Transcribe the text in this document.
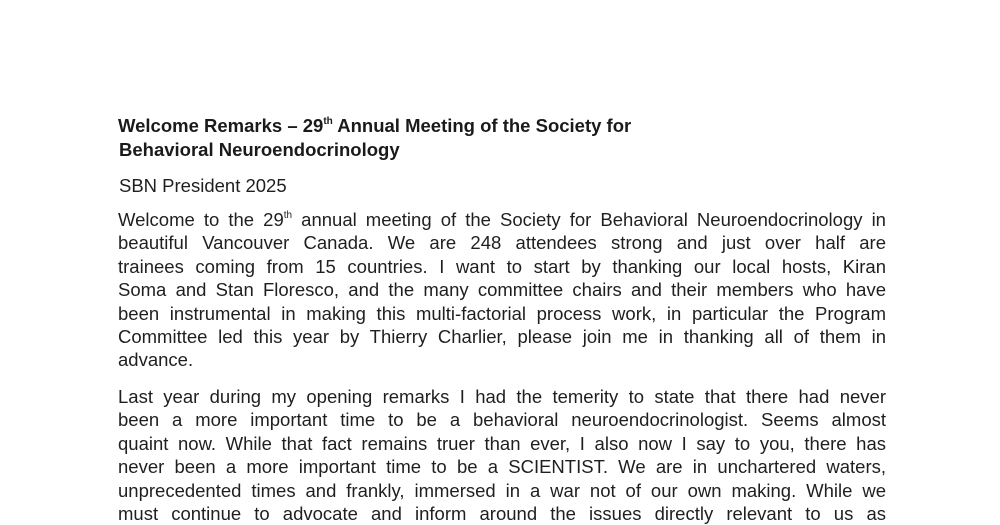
Welcome Remarks – 29th Annual Meeting of the Society for
Behavioral Neuroendocrinology
SBN President 2025
Welcome to the 29th annual meeting of the Society for Behavioral Neuroendocrinology in
beautiful Vancouver Canada. We are 248 attendees strong and just over half are
trainees coming from 15 countries. I want to start by thanking our local hosts, Kiran
Soma and Stan Floresco, and the many committee chairs and their members who have
been instrumental in making this multi-factorial process work, in particular the Program
Committee led this year by Thierry Charlier, please join me in thanking all of them in
advance.
Last year during my opening remarks I had the temerity to state that there had never
been a more important time to be a behavioral neuroendocrinologist. Seems almost
quaint now. While that fact remains truer than ever, I also now I say to you, there has
never been a more important time to be a SCIENTIST. We are in unchartered waters,
unprecedented times and frankly, immersed in a war not of our own making. While we
must continue to advocate and inform around the issues directly relevant to us as
